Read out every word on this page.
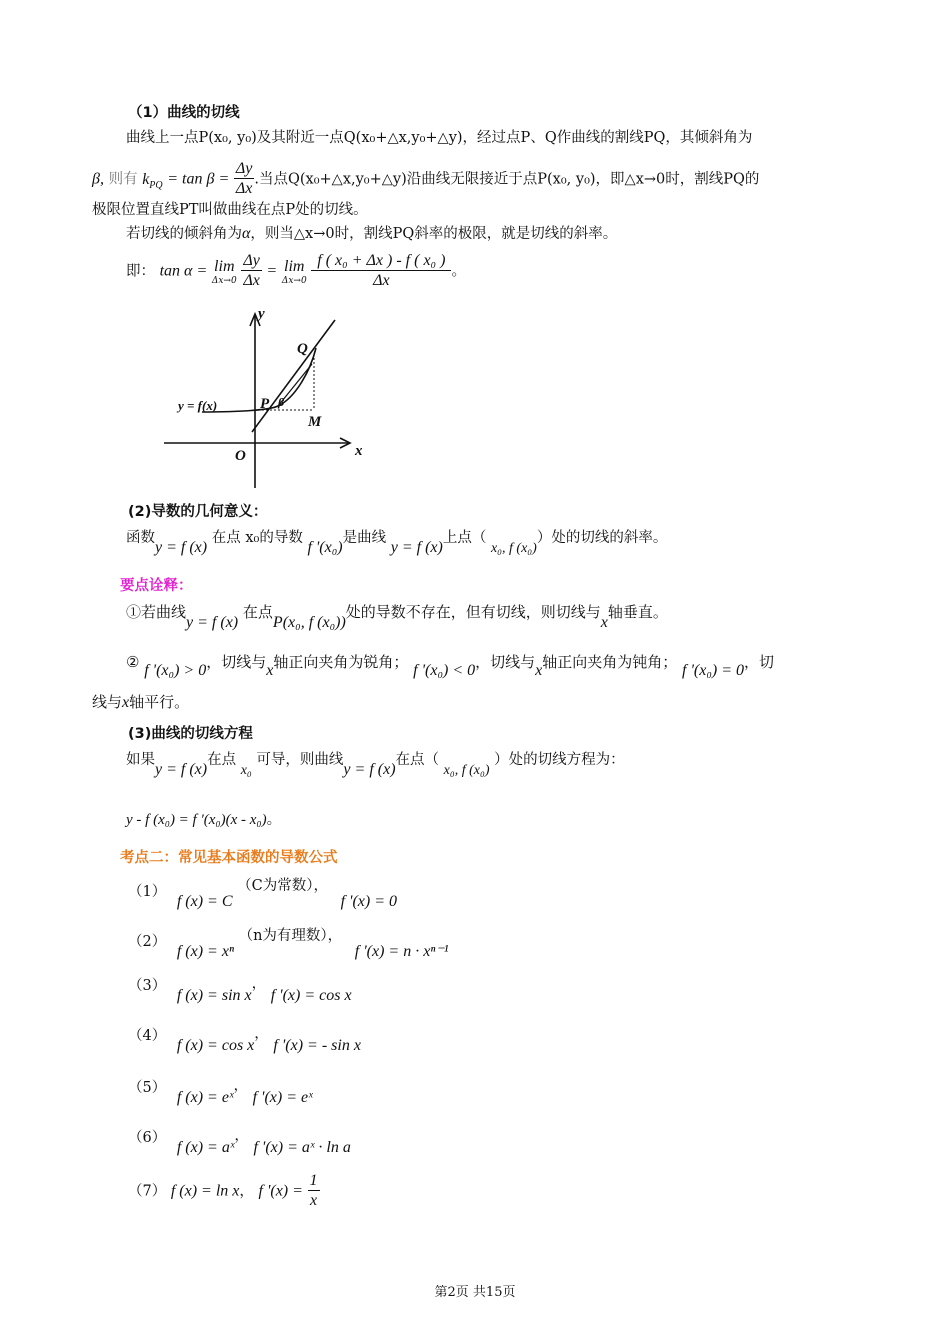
（1）曲线的切线
曲线上一点P(x₀, y₀)及其附近一点Q(x₀+△x,y₀+△y)，经过点P、Q作曲线的割线PQ，其倾斜角为
β, 则有 $k_{PQ} = \tan \beta = \frac{\Delta y}{\Delta x}$ .当点Q(x₀+△x,y₀+△y)沿曲线无限接近于点P(x₀, y₀)，即△x→0时，割线PQ的
极限位置直线PT叫做曲线在点P处的切线。
若切线的倾斜角为α，则当△x→0时，割线PQ斜率的极限，就是切线的斜率。
即： tan α = lim
Δx→0
$\frac{\Delta y}{\Delta x} = \lim$
Δx→0
$\frac{\text{f ( x₀ + Δx ) - f ( x₀ )}}{\Delta x}$ 。
y
x
O
y = f(x)	P β
Q
M
(2)导数的几何意义：
函数y = f (x) 在点 x₀的导数 f '(x₀)是曲线 y = f (x)上点（ x₀, f (x₀)）处的切线的斜率。
要点诠释：
①若曲线y = f (x) 在点P(x₀, f (x₀))处的导数不存在，但有切线，则切线与x轴垂直。
② f '(x₀) > 0，切线与x轴正向夹角为锐角； f '(x₀) < 0，切线与x轴正向夹角为钝角； f '(x₀) = 0，切
线与x轴平行。
(3)曲线的切线方程
如果y = f (x)在点 x₀ 可导，则曲线y = f (x)在点（ x₀, f (x₀) ）处的切线方程为：
y - f (x₀) = f ′(x₀)(x - x₀)。
考点二：常见基本函数的导数公式
（1） f (x) = C （C为常数）， f '(x) = 0
（2） f (x) = xⁿ （n为有理数）， f '(x) = n · xⁿ⁻¹
（3） f (x) = sin x， f '(x) = cos x
（4） f (x) = cos x， f '(x) = - sin x
（5） f (x) = eˣ， f '(x) = eˣ
（6） f (x) = aˣ， f '(x) = aˣ · ln a
（7） f (x) = ln x， f '$(x) = \frac{1}{x}$
第2页 共15页
